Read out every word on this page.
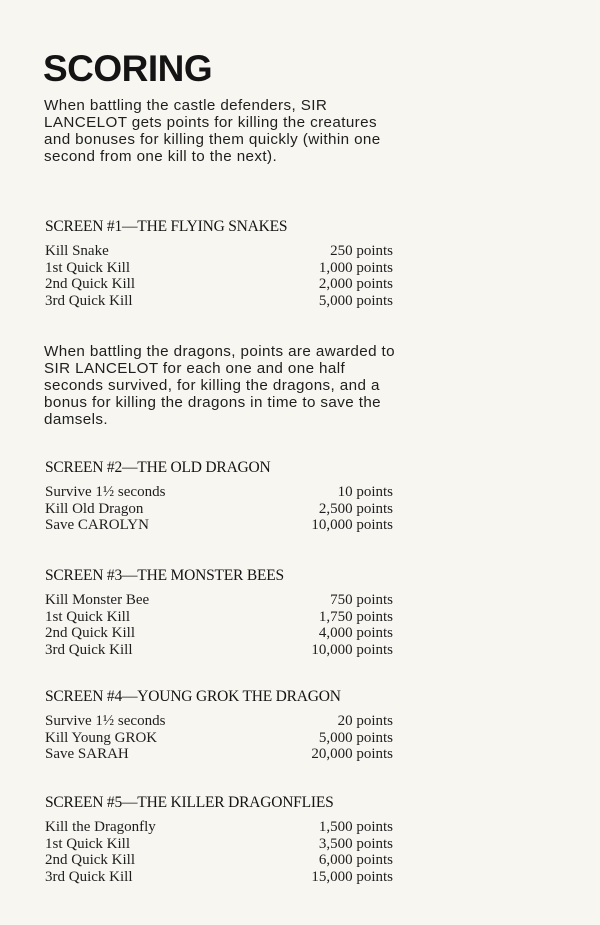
SCORING
When battling the castle defenders, SIR LANCELOT gets points for killing the creatures and bonuses for killing them quickly (within one second from one kill to the next).
SCREEN #1—THE FLYING SNAKES
Kill Snake	250 points
1st Quick Kill	1,000 points
2nd Quick Kill	2,000 points
3rd Quick Kill	5,000 points
When battling the dragons, points are awarded to SIR LANCELOT for each one and one half seconds survived, for killing the dragons, and a bonus for killing the dragons in time to save the damsels.
SCREEN #2—THE OLD DRAGON
Survive 1½ seconds	10 points
Kill Old Dragon	2,500 points
Save CAROLYN	10,000 points
SCREEN #3—THE MONSTER BEES
Kill Monster Bee	750 points
1st Quick Kill	1,750 points
2nd Quick Kill	4,000 points
3rd Quick Kill	10,000 points
SCREEN #4—YOUNG GROK THE DRAGON
Survive 1½ seconds	20 points
Kill Young GROK	5,000 points
Save SARAH	20,000 points
SCREEN #5—THE KILLER DRAGONFLIES
Kill the Dragonfly	1,500 points
1st Quick Kill	3,500 points
2nd Quick Kill	6,000 points
3rd Quick Kill	15,000 points
